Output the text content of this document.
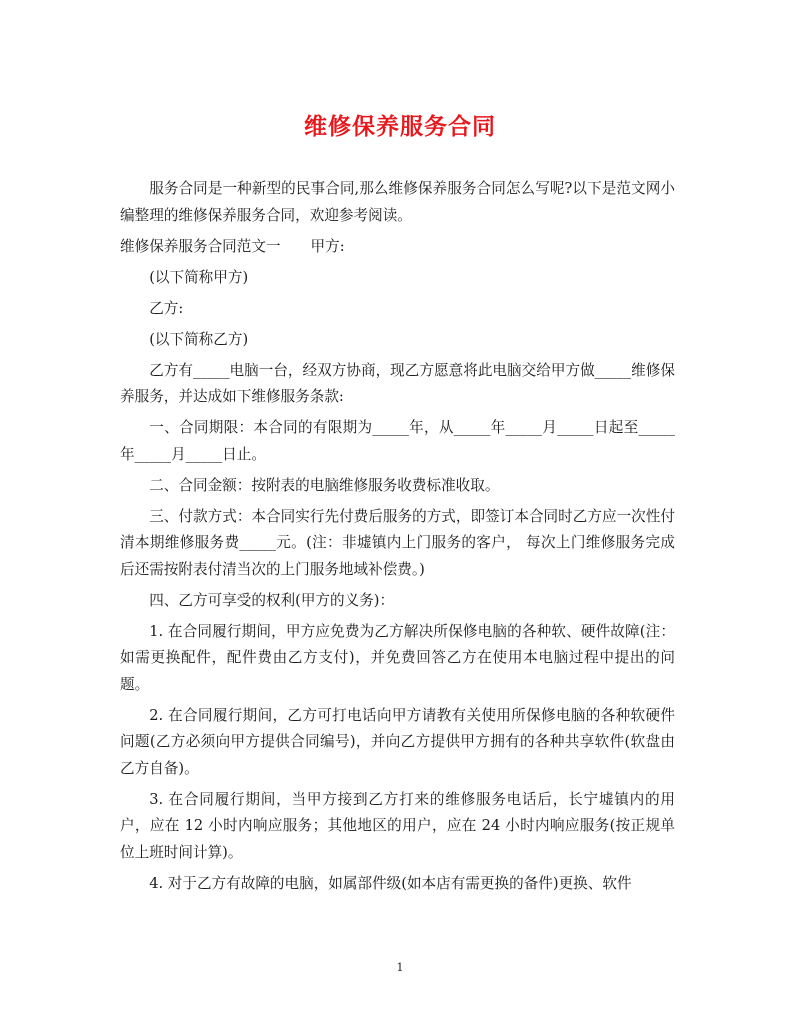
维修保养服务合同

服务合同是一种新型的民事合同,那么维修保养服务合同怎么写呢?以下是范文网小编整理的维修保养服务合同，欢迎参考阅读。

维修保养服务合同范文一 甲方:

(以下简称甲方)

乙方:

(以下简称乙方)

乙方有_____电脑一台，经双方协商，现乙方愿意将此电脑交给甲方做_____维修保养服务，并达成如下维修服务条款:

一、合同期限：本合同的有限期为_____年，从_____年_____月_____日起至_____年_____月_____日止。

二、合同金额：按附表的电脑维修服务收费标准收取。

三、付款方式：本合同实行先付费后服务的方式，即签订本合同时乙方应一次性付清本期维修服务费_____元。(注：非墟镇内上门服务的客户， 每次上门维修服务完成后还需按附表付清当次的上门服务地域补偿费。)

四、乙方可享受的权利(甲方的义务)：

1. 在合同履行期间，甲方应免费为乙方解决所保修电脑的各种软、硬件故障(注：如需更换配件，配件费由乙方支付)，并免费回答乙方在使用本电脑过程中提出的问题。

2. 在合同履行期间，乙方可打电话向甲方请教有关使用所保修电脑的各种软硬件问题(乙方必须向甲方提供合同编号)，并向乙方提供甲方拥有的各种共享软件(软盘由乙方自备)。

3. 在合同履行期间，当甲方接到乙方打来的维修服务电话后，长宁墟镇内的用户，应在 12 小时内响应服务；其他地区的用户，应在 24 小时内响应服务(按正规单位上班时间计算)。

4. 对于乙方有故障的电脑，如属部件级(如本店有需更换的备件)更换、软件

1
